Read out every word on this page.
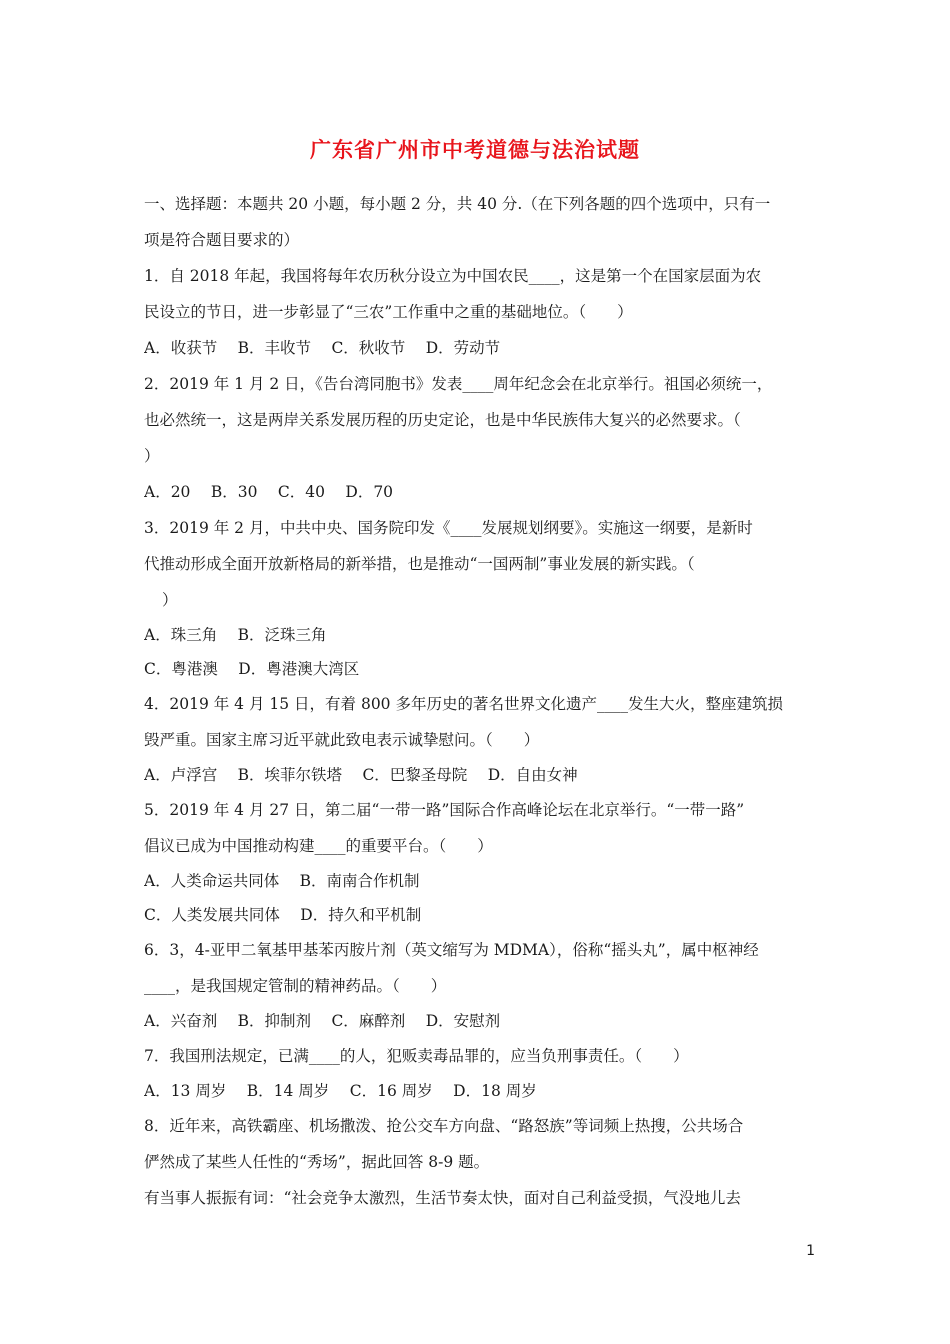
广东省广州市中考道德与法治试题
一、选择题：本题共 20 小题，每小题 2 分，共 40 分.（在下列各题的四个选项中，只有一
项是符合题目要求的）
1．自 2018 年起，我国将每年农历秋分设立为中国农民____，这是第一个在国家层面为农
民设立的节日，进一步彰显了“三农”工作重中之重的基础地位。（　　）
A．收获节　 B．丰收节　 C．秋收节　 D．劳动节
2．2019 年 1 月 2 日，《告台湾同胞书》发表____周年纪念会在北京举行。祖国必须统一，
也必然统一，这是两岸关系发展历程的历史定论，也是中华民族伟大复兴的必然要求。（
）
A．20　 B．30　 C．40　 D．70
3．2019 年 2 月，中共中央、国务院印发《____发展规划纲要》。实施这一纲要，是新时
代推动形成全面开放新格局的新举措，也是推动“一国两制”事业发展的新实践。（
）
A．珠三角　 B．泛珠三角
C．粤港澳　 D．粤港澳大湾区
4．2019 年 4 月 15 日，有着 800 多年历史的著名世界文化遗产____发生大火，整座建筑损
毁严重。国家主席习近平就此致电表示诚挚慰问。（　　）
A．卢浮宫　 B．埃菲尔铁塔　 C．巴黎圣母院　 D．自由女神
5．2019 年 4 月 27 日，第二届“一带一路”国际合作高峰论坛在北京举行。“一带一路”
倡议已成为中国推动构建____的重要平台。（　　）
A．人类命运共同体　 B．南南合作机制
C．人类发展共同体　 D．持久和平机制
6．3，4-亚甲二氧基甲基苯丙胺片剂（英文缩写为 MDMA），俗称“摇头丸”，属中枢神经
____，是我国规定管制的精神药品。（　　）
A．兴奋剂　 B．抑制剂　 C．麻醉剂　 D．安慰剂
7．我国刑法规定，已满____的人，犯贩卖毒品罪的，应当负刑事责任。（　　）
A．13 周岁　 B．14 周岁　 C．16 周岁　 D．18 周岁
8．近年来，高铁霸座、机场撒泼、抢公交车方向盘、“路怒族”等词频上热搜，公共场合
俨然成了某些人任性的“秀场”，据此回答 8-9 题。
有当事人振振有词：“社会竞争太激烈，生活节奏太快，面对自己利益受损，气没地儿去
1
